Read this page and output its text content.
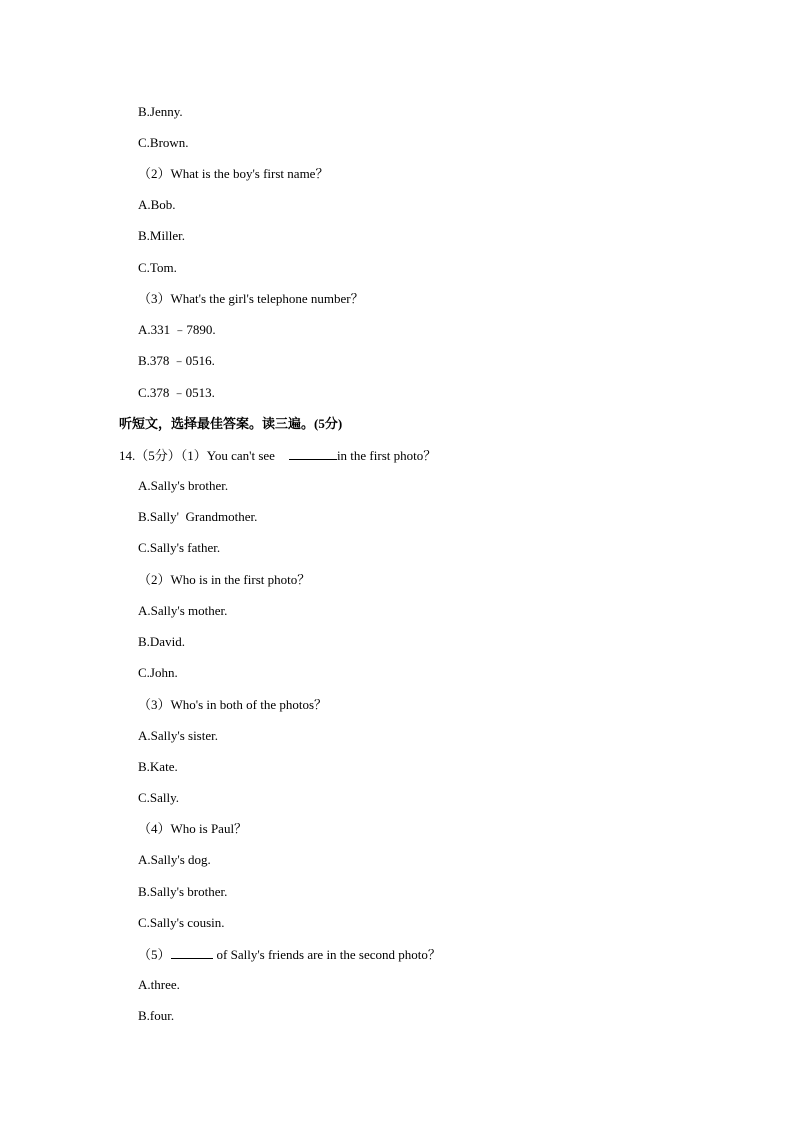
B.Jenny.
C.Brown.
（2）What is the boy's first name？
A.Bob.
B.Miller.
C.Tom.
（3）What's the girl's telephone number？
A.331 ﹣7890.
B.378 ﹣0516.
C.378 ﹣0513.
听短文，选择最佳答案。读三遍。(5分)
14.（5分）（1）You can't see	in the first photo？
A.Sally's brother.
B.Sally'  Grandmother.
C.Sally's father.
（2）Who is in the first photo？
A.Sally's mother.
B.David.
C.John.
（3）Who's in both of the photos？
A.Sally's sister.
B.Kate.
C.Sally.
（4）Who is Paul？
A.Sally's dog.
B.Sally's brother.
C.Sally's cousin.
（5）	of Sally's friends are in the second photo？
A.three.
B.four.
